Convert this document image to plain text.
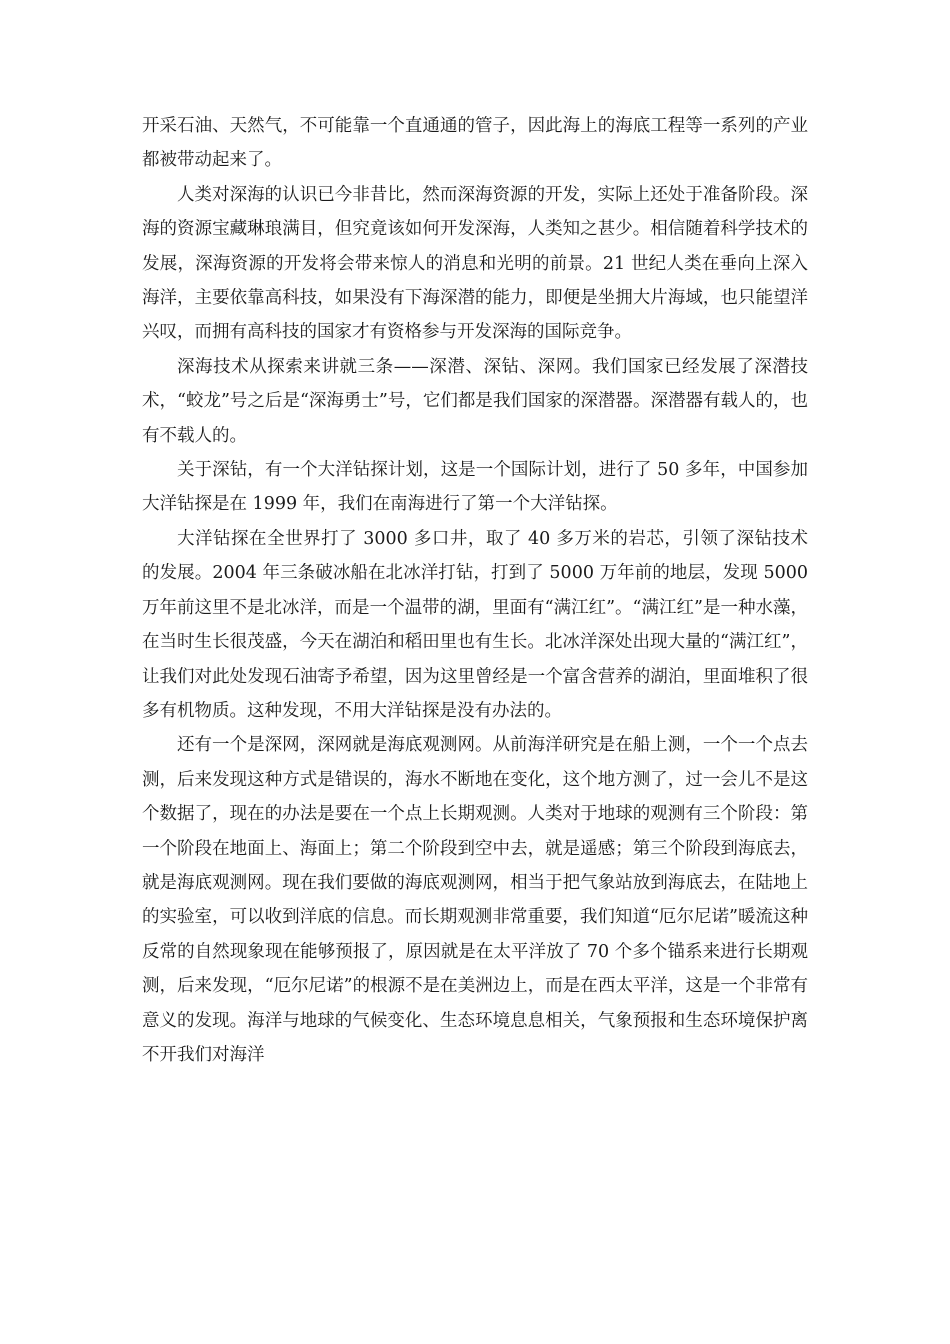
开采石油、天然气，不可能靠一个直通通的管子，因此海上的海底工程等一系列的产业都被带动起来了。

人类对深海的认识已今非昔比，然而深海资源的开发，实际上还处于准备阶段。深海的资源宝藏琳琅满目，但究竟该如何开发深海，人类知之甚少。相信随着科学技术的发展，深海资源的开发将会带来惊人的消息和光明的前景。21 世纪人类在垂向上深入海洋，主要依靠高科技，如果没有下海深潜的能力，即便是坐拥大片海域，也只能望洋兴叹，而拥有高科技的国家才有资格参与开发深海的国际竞争。

深海技术从探索来讲就三条——深潜、深钻、深网。我们国家已经发展了深潜技术，“蛟龙”号之后是“深海勇士”号，它们都是我们国家的深潜器。深潜器有载人的，也有不载人的。

关于深钻，有一个大洋钻探计划，这是一个国际计划，进行了 50 多年，中国参加大洋钻探是在 1999 年，我们在南海进行了第一个大洋钻探。

大洋钻探在全世界打了 3000 多口井，取了 40 多万米的岩芯，引领了深钻技术的发展。2004 年三条破冰船在北冰洋打钻，打到了 5000 万年前的地层，发现 5000 万年前这里不是北冰洋，而是一个温带的湖，里面有“满江红”。“满江红”是一种水藻，在当时生长很茂盛，今天在湖泊和稻田里也有生长。北冰洋深处出现大量的“满江红”，让我们对此处发现石油寄予希望，因为这里曾经是一个富含营养的湖泊，里面堆积了很多有机物质。这种发现，不用大洋钻探是没有办法的。

还有一个是深网，深网就是海底观测网。从前海洋研究是在船上测，一个一个点去测，后来发现这种方式是错误的，海水不断地在变化，这个地方测了，过一会儿不是这个数据了，现在的办法是要在一个点上长期观测。人类对于地球的观测有三个阶段：第一个阶段在地面上、海面上；第二个阶段到空中去，就是遥感；第三个阶段到海底去，就是海底观测网。现在我们要做的海底观测网，相当于把气象站放到海底去，在陆地上的实验室，可以收到洋底的信息。而长期观测非常重要，我们知道“厄尔尼诺”暖流这种反常的自然现象现在能够预报了，原因就是在太平洋放了 70 个多个锚系来进行长期观测，后来发现，“厄尔尼诺”的根源不是在美洲边上，而是在西太平洋，这是一个非常有意义的发现。海洋与地球的气候变化、生态环境息息相关，气象预报和生态环境保护离不开我们对海洋
